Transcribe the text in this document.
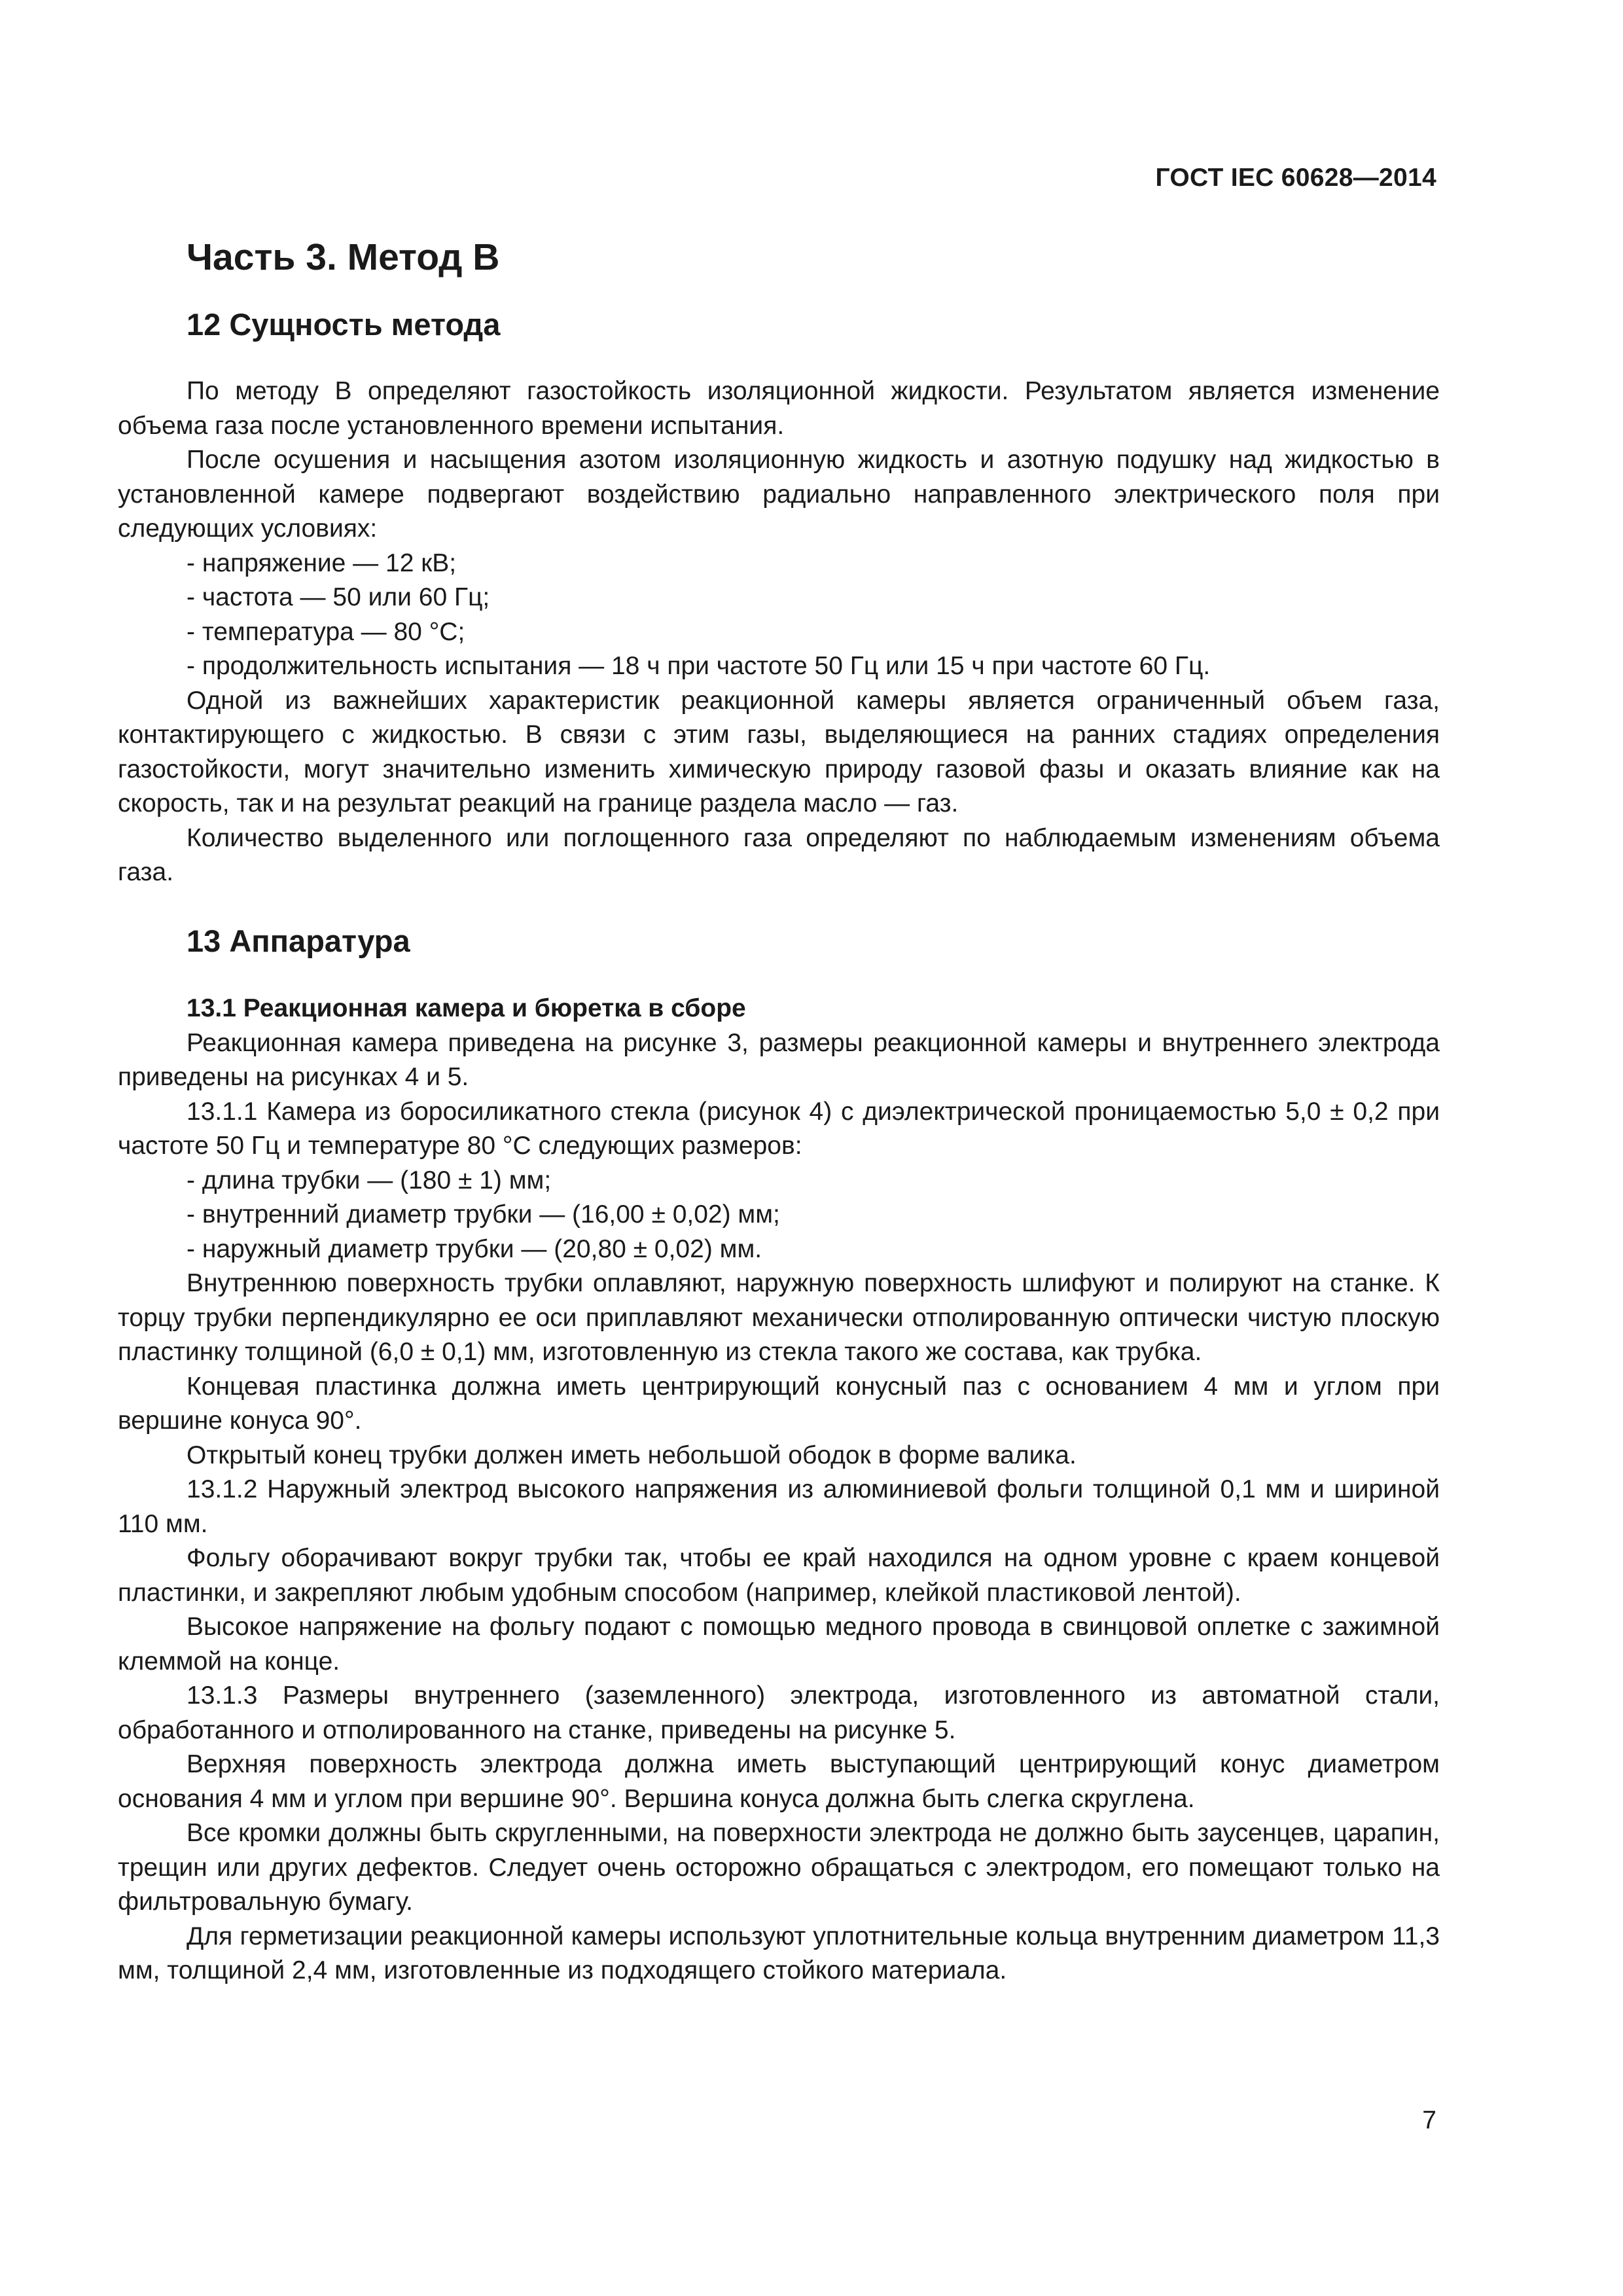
ГОСТ IEC 60628—2014
Часть 3. Метод В
12 Сущность метода

По методу В определяют газостойкость изоляционной жидкости. Результатом является изменение объема газа после установленного времени испытания.

После осушения и насыщения азотом изоляционную жидкость и азотную подушку над жидкостью в установленной камере подвергают воздействию радиально направленного электрического поля при следующих условиях:

- напряжение — 12 кВ;

- частота — 50 или 60 Гц;

- температура — 80 °С;

- продолжительность испытания — 18 ч при частоте 50 Гц или 15 ч при частоте 60 Гц.

Одной из важнейших характеристик реакционной камеры является ограниченный объем газа, контактирующего с жидкостью. В связи с этим газы, выделяющиеся на ранних стадиях определения газостойкости, могут значительно изменить химическую природу газовой фазы и оказать влияние как на скорость, так и на результат реакций на границе раздела масло — газ.

Количество выделенного или поглощенного газа определяют по наблюдаемым изменениям объема газа.

13 Аппаратура

13.1 Реакционная камера и бюретка в сборе

Реакционная камера приведена на рисунке 3, размеры реакционной камеры и внутреннего электрода приведены на рисунках 4 и 5.

13.1.1 Камера из боросиликатного стекла (рисунок 4) с диэлектрической проницаемостью 5,0 ± 0,2 при частоте 50 Гц и температуре 80 °С следующих размеров:

- длина трубки — (180 ± 1) мм;

- внутренний диаметр трубки — (16,00 ± 0,02) мм;

- наружный диаметр трубки — (20,80 ± 0,02) мм.

Внутреннюю поверхность трубки оплавляют, наружную поверхность шлифуют и полируют на станке. К торцу трубки перпендикулярно ее оси приплавляют механически отполированную оптически чистую плоскую пластинку толщиной (6,0 ± 0,1) мм, изготовленную из стекла такого же состава, как трубка.

Концевая пластинка должна иметь центрирующий конусный паз с основанием 4 мм и углом при вершине конуса 90°.

Открытый конец трубки должен иметь небольшой ободок в форме валика.

13.1.2 Наружный электрод высокого напряжения из алюминиевой фольги толщиной 0,1 мм и шириной 110 мм.

Фольгу оборачивают вокруг трубки так, чтобы ее край находился на одном уровне с краем концевой пластинки, и закрепляют любым удобным способом (например, клейкой пластиковой лентой).

Высокое напряжение на фольгу подают с помощью медного провода в свинцовой оплетке с зажимной клеммой на конце.

13.1.3 Размеры внутреннего (заземленного) электрода, изготовленного из автоматной стали, обработанного и отполированного на станке, приведены на рисунке 5.

Верхняя поверхность электрода должна иметь выступающий центрирующий конус диаметром основания 4 мм и углом при вершине 90°. Вершина конуса должна быть слегка скруглена.

Все кромки должны быть скругленными, на поверхности электрода не должно быть заусенцев, царапин, трещин или других дефектов. Следует очень осторожно обращаться с электродом, его помещают только на фильтровальную бумагу.

Для герметизации реакционной камеры используют уплотнительные кольца внутренним диаметром 11,3 мм, толщиной 2,4 мм, изготовленные из подходящего стойкого материала.

7
